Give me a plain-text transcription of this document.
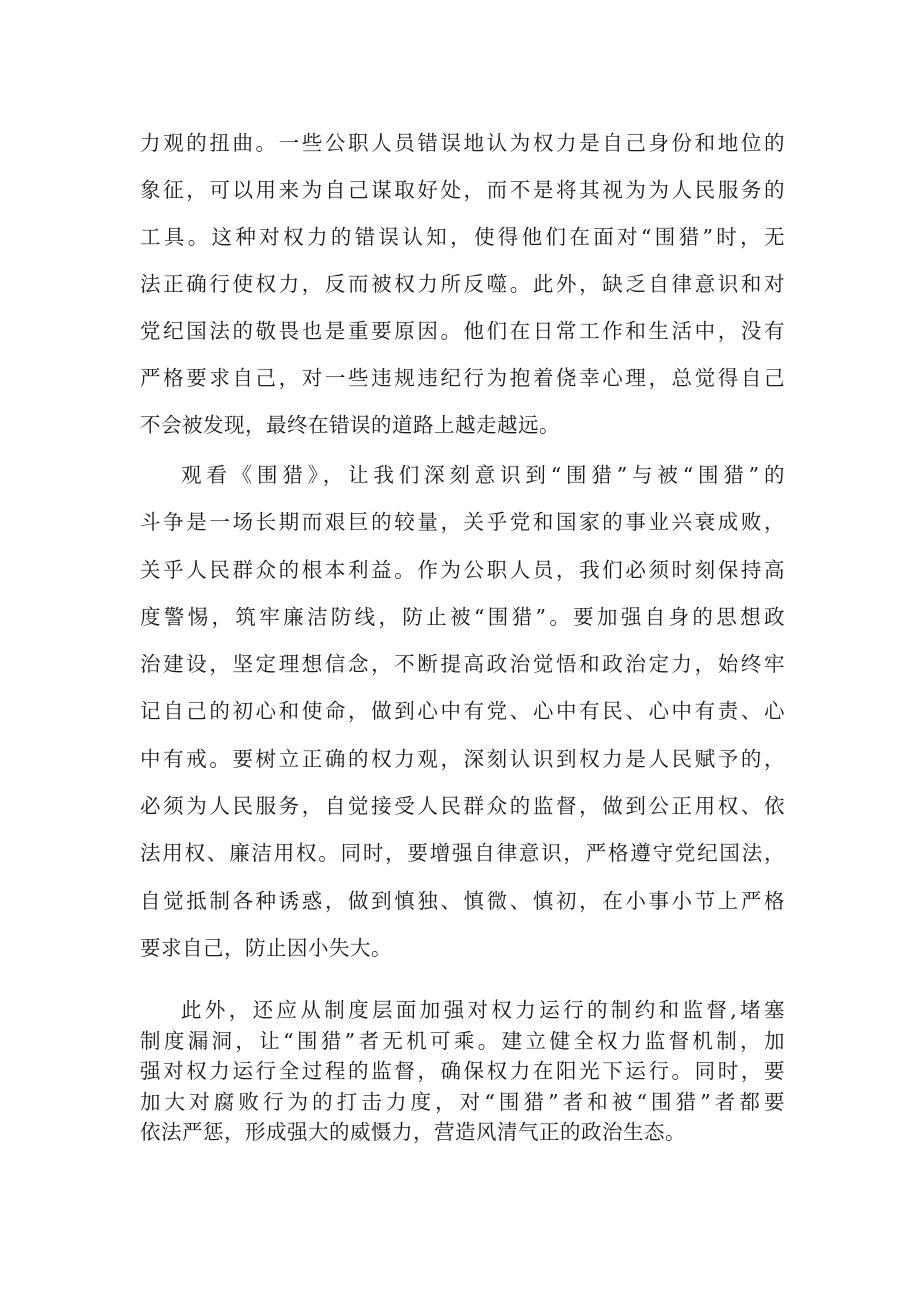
力观的扭曲。一些公职人员错误地认为权力是自己身份和地位的
象征，可以用来为自己谋取好处，而不是将其视为为人民服务的
工具。这种对权力的错误认知，使得他们在面对“围猎”时，无
法正确行使权力，反而被权力所反噬。此外，缺乏自律意识和对
党纪国法的敬畏也是重要原因。他们在日常工作和生活中，没有
严格要求自己，对一些违规违纪行为抱着侥幸心理，总觉得自己
不会被发现，最终在错误的道路上越走越远。
观看《围猎》，让我们深刻意识到“围猎”与被“围猎”的
斗争是一场长期而艰巨的较量，关乎党和国家的事业兴衰成败，
关乎人民群众的根本利益。作为公职人员，我们必须时刻保持高
度警惕，筑牢廉洁防线，防止被“围猎”。要加强自身的思想政
治建设，坚定理想信念，不断提高政治觉悟和政治定力，始终牢
记自己的初心和使命，做到心中有党、心中有民、心中有责、心
中有戒。要树立正确的权力观，深刻认识到权力是人民赋予的，
必须为人民服务，自觉接受人民群众的监督，做到公正用权、依
法用权、廉洁用权。同时，要增强自律意识，严格遵守党纪国法，
自觉抵制各种诱惑，做到慎独、慎微、慎初，在小事小节上严格
要求自己，防止因小失大。
此外，还应从制度层面加强对权力运行的制约和监督,堵塞
制度漏洞，让“围猎”者无机可乘。建立健全权力监督机制，加
强对权力运行全过程的监督，确保权力在阳光下运行。同时，要
加大对腐败行为的打击力度，对“围猎”者和被“围猎”者都要
依法严惩，形成强大的威慑力，营造风清气正的政治生态。
